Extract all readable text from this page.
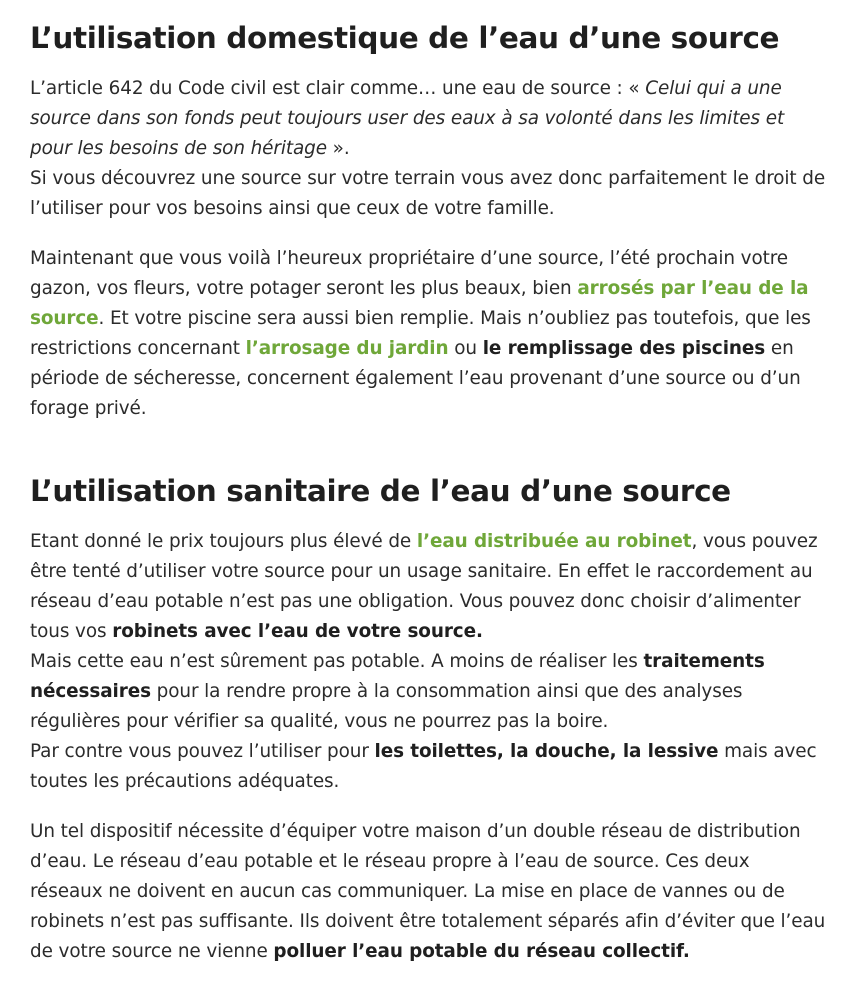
L’utilisation domestique de l’eau d’une source

L’article 642 du Code civil est clair comme… une eau de source : « Celui qui a une source dans son fonds peut toujours user des eaux à sa volonté dans les limites et pour les besoins de son héritage ».
Si vous découvrez une source sur votre terrain vous avez donc parfaitement le droit de l’utiliser pour vos besoins ainsi que ceux de votre famille.

Maintenant que vous voilà l’heureux propriétaire d’une source, l’été prochain votre gazon, vos fleurs, votre potager seront les plus beaux, bien arrosés par l’eau de la source. Et votre piscine sera aussi bien remplie. Mais n’oubliez pas toutefois, que les restrictions concernant l’arrosage du jardin ou le remplissage des piscines en période de sécheresse, concernent également l’eau provenant d’une source ou d’un forage privé.

L’utilisation sanitaire de l’eau d’une source

Etant donné le prix toujours plus élevé de l’eau distribuée au robinet, vous pouvez être tenté d’utiliser votre source pour un usage sanitaire. En effet le raccordement au réseau d’eau potable n’est pas une obligation. Vous pouvez donc choisir d’alimenter tous vos robinets avec l’eau de votre source.
Mais cette eau n’est sûrement pas potable. A moins de réaliser les traitements nécessaires pour la rendre propre à la consommation ainsi que des analyses régulières pour vérifier sa qualité, vous ne pourrez pas la boire.
Par contre vous pouvez l’utiliser pour les toilettes, la douche, la lessive mais avec toutes les précautions adéquates.

Un tel dispositif nécessite d’équiper votre maison d’un double réseau de distribution d’eau. Le réseau d’eau potable et le réseau propre à l’eau de source. Ces deux réseaux ne doivent en aucun cas communiquer. La mise en place de vannes ou de robinets n’est pas suffisante. Ils doivent être totalement séparés afin d’éviter que l’eau de votre source ne vienne polluer l’eau potable du réseau collectif.
